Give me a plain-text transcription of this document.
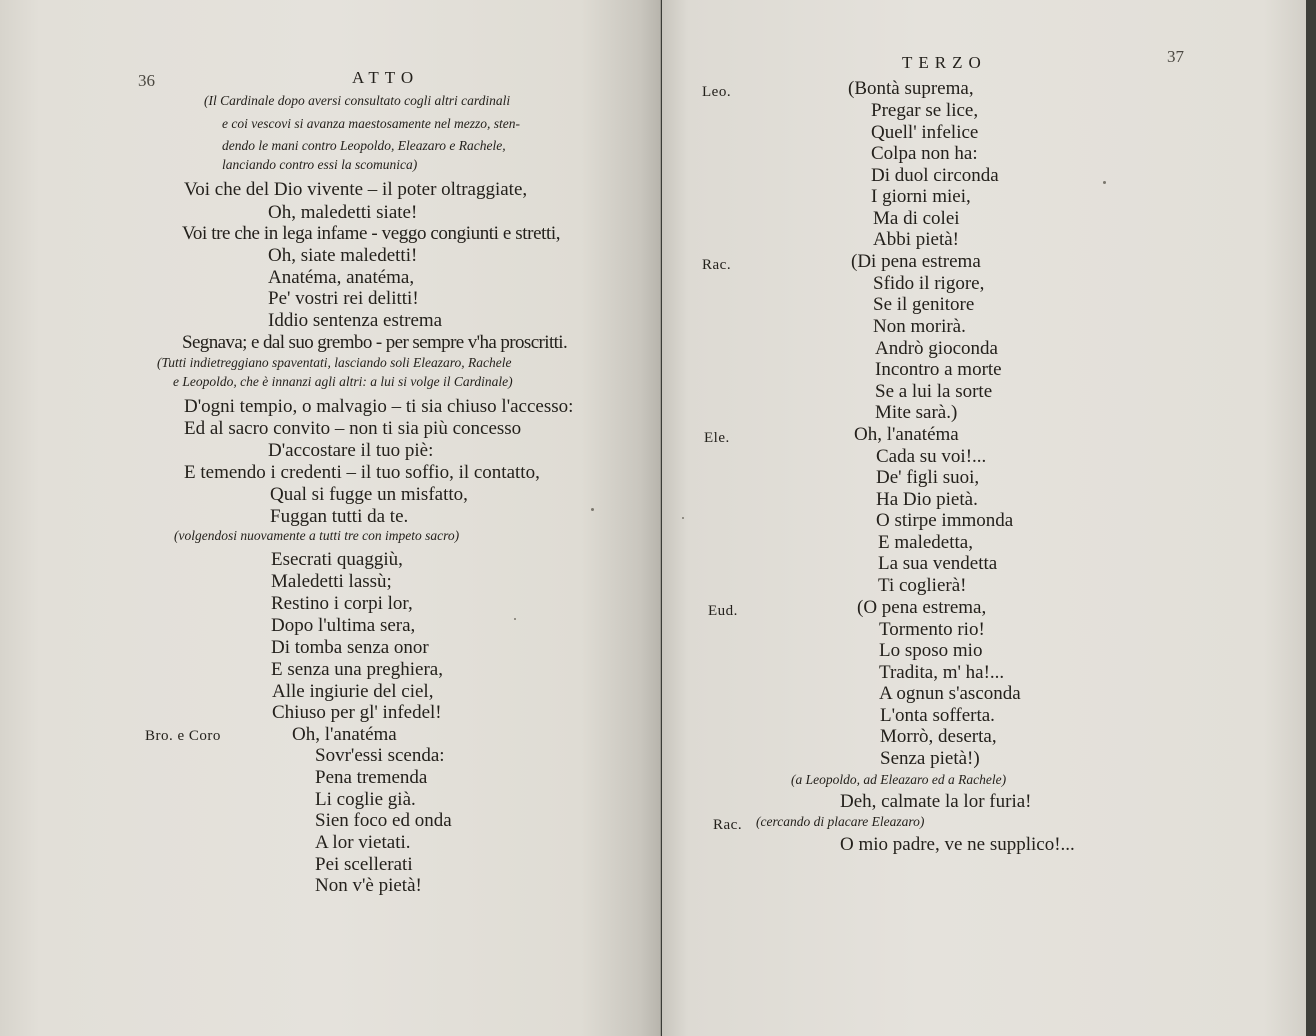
36	ATTO
(Il Cardinale dopo aversi consultato cogli altri cardinali
e coi vescovi si avanza maestosamente nel mezzo, sten-
dendo le mani contro Leopoldo, Eleazaro e Rachele,
lanciando contro essi la scomunica)
Voi che del Dio vivente – il poter oltraggiate,
Oh, maledetti siate!
Voi tre che in lega infame - veggo congiunti e stretti,
Oh, siate maledetti!
Anatéma, anatéma,
Pe' vostri rei delitti!
Iddio sentenza estrema
Segnava; e dal suo grembo - per sempre v'ha proscritti.
(Tutti indietreggiano spaventati, lasciando soli Eleazaro, Rachele
e Leopoldo, che è innanzi agli altri: a lui si volge il Cardinale)
D'ogni tempio, o malvagio – ti sia chiuso l'accesso:
Ed al sacro convito – non ti sia più concesso
D'accostare il tuo piè:
E temendo i credenti – il tuo soffio, il contatto,
Qual si fugge un misfatto,
Fuggan tutti da te.
(volgendosi nuovamente a tutti tre con impeto sacro)
Esecrati quaggiù,
Maledetti lassù;
Restino i corpi lor,
Dopo l'ultima sera,
Di tomba senza onor
E senza una preghiera,
Alle ingiurie del ciel,
Chiuso per gl' infedel!
Bro. e Coro	Oh, l'anatéma
Sovr'essi scenda:
Pena tremenda
Li coglie già.
Sien foco ed onda
A lor vietati.
Pei scellerati
Non v'è pietà!
TERZO	37
Leo.	(Bontà suprema,
Pregar se lice,
Quell' infelice
Colpa non ha:
Di duol circonda
I giorni miei,
Ma di colei
Abbi pietà!
Rac.	(Di pena estrema
Sfido il rigore,
Se il genitore
Non morirà.
Andrò gioconda
Incontro a morte
Se a lui la sorte
Mite sarà.)
Ele.	Oh, l'anatéma
Cada su voi!...
De' figli suoi,
Ha Dio pietà.
O stirpe immonda
E maledetta,
La sua vendetta
Ti coglierà!
Eud.	(O pena estrema,
Tormento rio!
Lo sposo mio
Tradita, m' ha!...
A ognun s'asconda
L'onta sofferta.
Morrò, deserta,
Senza pietà!)
(a Leopoldo, ad Eleazaro ed a Rachele)
Deh, calmate la lor furia!
Rac. (cercando di placare Eleazaro)
O mio padre, ve ne supplico!...
